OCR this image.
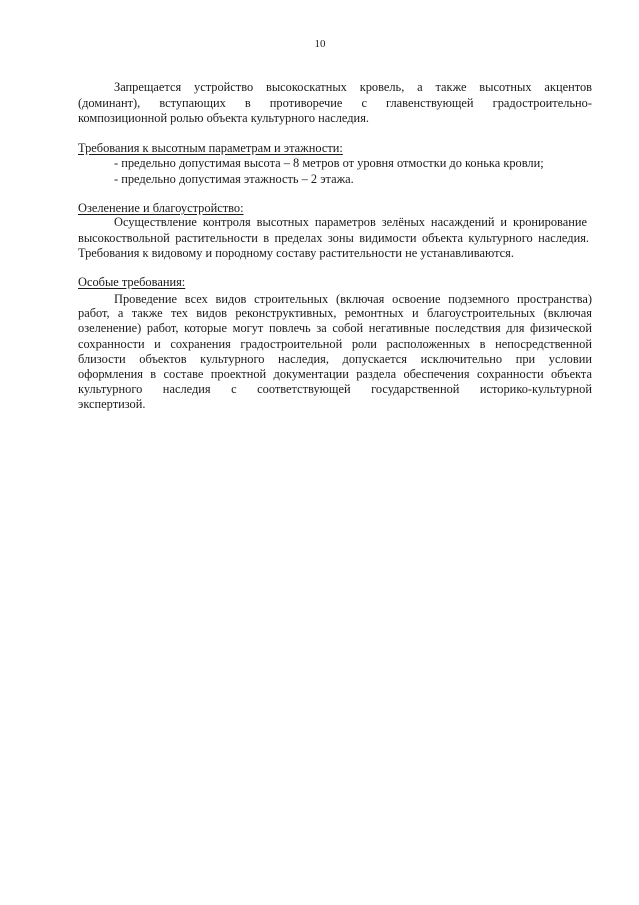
10
Запрещается устройство высокоскатных кровель, а также высотных акцентов
(доминант), вступающих в противоречие с главенствующей градостроительно-
композиционной ролью объекта культурного наследия.
Требования к высотным параметрам и этажности:
- предельно допустимая высота – 8 метров от уровня отмостки до конька кровли;
- предельно допустимая этажность – 2 этажа.
Озеленение и благоустройство:
Осуществление контроля высотных параметров зелёных насаждений и кронирование
высокоствольной растительности в пределах зоны видимости объекта культурного наследия.
Требования к видовому и породному составу растительности не устанавливаются.
Особые требования:
Проведение всех видов строительных (включая освоение подземного пространства)
работ, а также тех видов реконструктивных, ремонтных и благоустроительных (включая
озеленение) работ, которые могут повлечь за собой негативные последствия для физической
сохранности и сохранения градостроительной роли расположенных в непосредственной
близости объектов культурного наследия, допускается исключительно при условии
оформления в составе проектной документации раздела обеспечения сохранности объекта
культурного наследия с соответствующей государственной историко-культурной
экспертизой.
